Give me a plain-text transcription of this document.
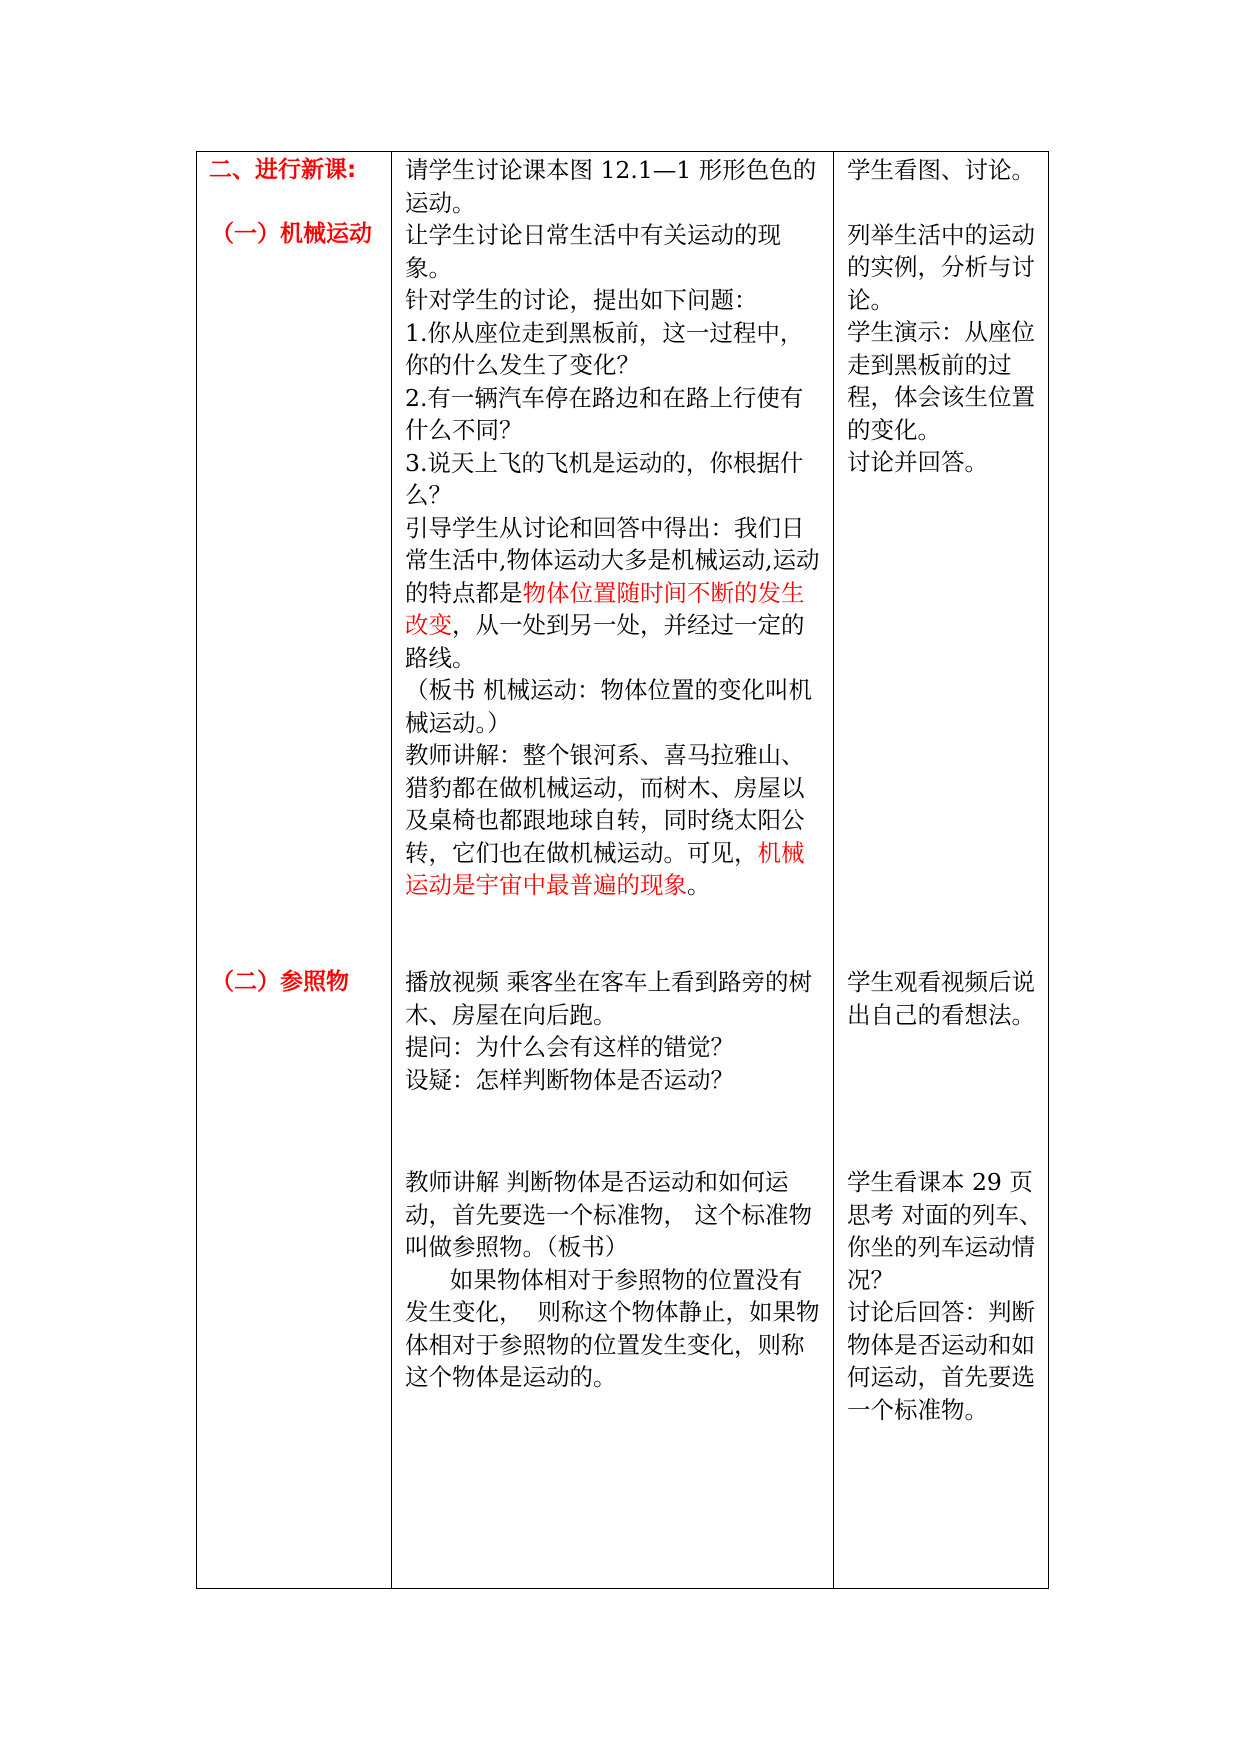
二、进行新课:
（一）机械运动
（二）参照物
请学生讨论课本图 12.1—1 形形色色的运动。
让学生讨论日常生活中有关运动的现象。
针对学生的讨论，提出如下问题：
1.你从座位走到黑板前，这一过程中，你的什么发生了变化？
2.有一辆汽车停在路边和在路上行使有什么不同？
3.说天上飞的飞机是运动的，你根据什么？
引导学生从讨论和回答中得出：我们日常生活中,物体运动大多是机械运动,运动的特点都是物体位置随时间不断的发生改变，从一处到另一处，并经过一定的路线。
（板书 机械运动：物体位置的变化叫机械运动。）
教师讲解：整个银河系、喜马拉雅山、猎豹都在做机械运动，而树木、房屋以及桌椅也都跟地球自转，同时绕太阳公转，它们也在做机械运动。可见，机械运动是宇宙中最普遍的现象。
播放视频 乘客坐在客车上看到路旁的树木、房屋在向后跑。
提问：为什么会有这样的错觉？
设疑：怎样判断物体是否运动？
教师讲解 判断物体是否运动和如何运动，首先要选一个标准物， 这个标准物叫做参照物。（板书）
如果物体相对于参照物的位置没有发生变化，  则称这个物体静止，如果物体相对于参照物的位置发生变化，则称这个物体是运动的。
学生看图、讨论。
列举生活中的运动的实例，分析与讨论。
学生演示：从座位走到黑板前的过程，体会该生位置的变化。
讨论并回答。
学生观看视频后说出自己的看想法。
学生看课本 29 页
思考 对面的列车、你坐的列车运动情况？
讨论后回答：判断物体是否运动和如何运动，首先要选一个标准物。
